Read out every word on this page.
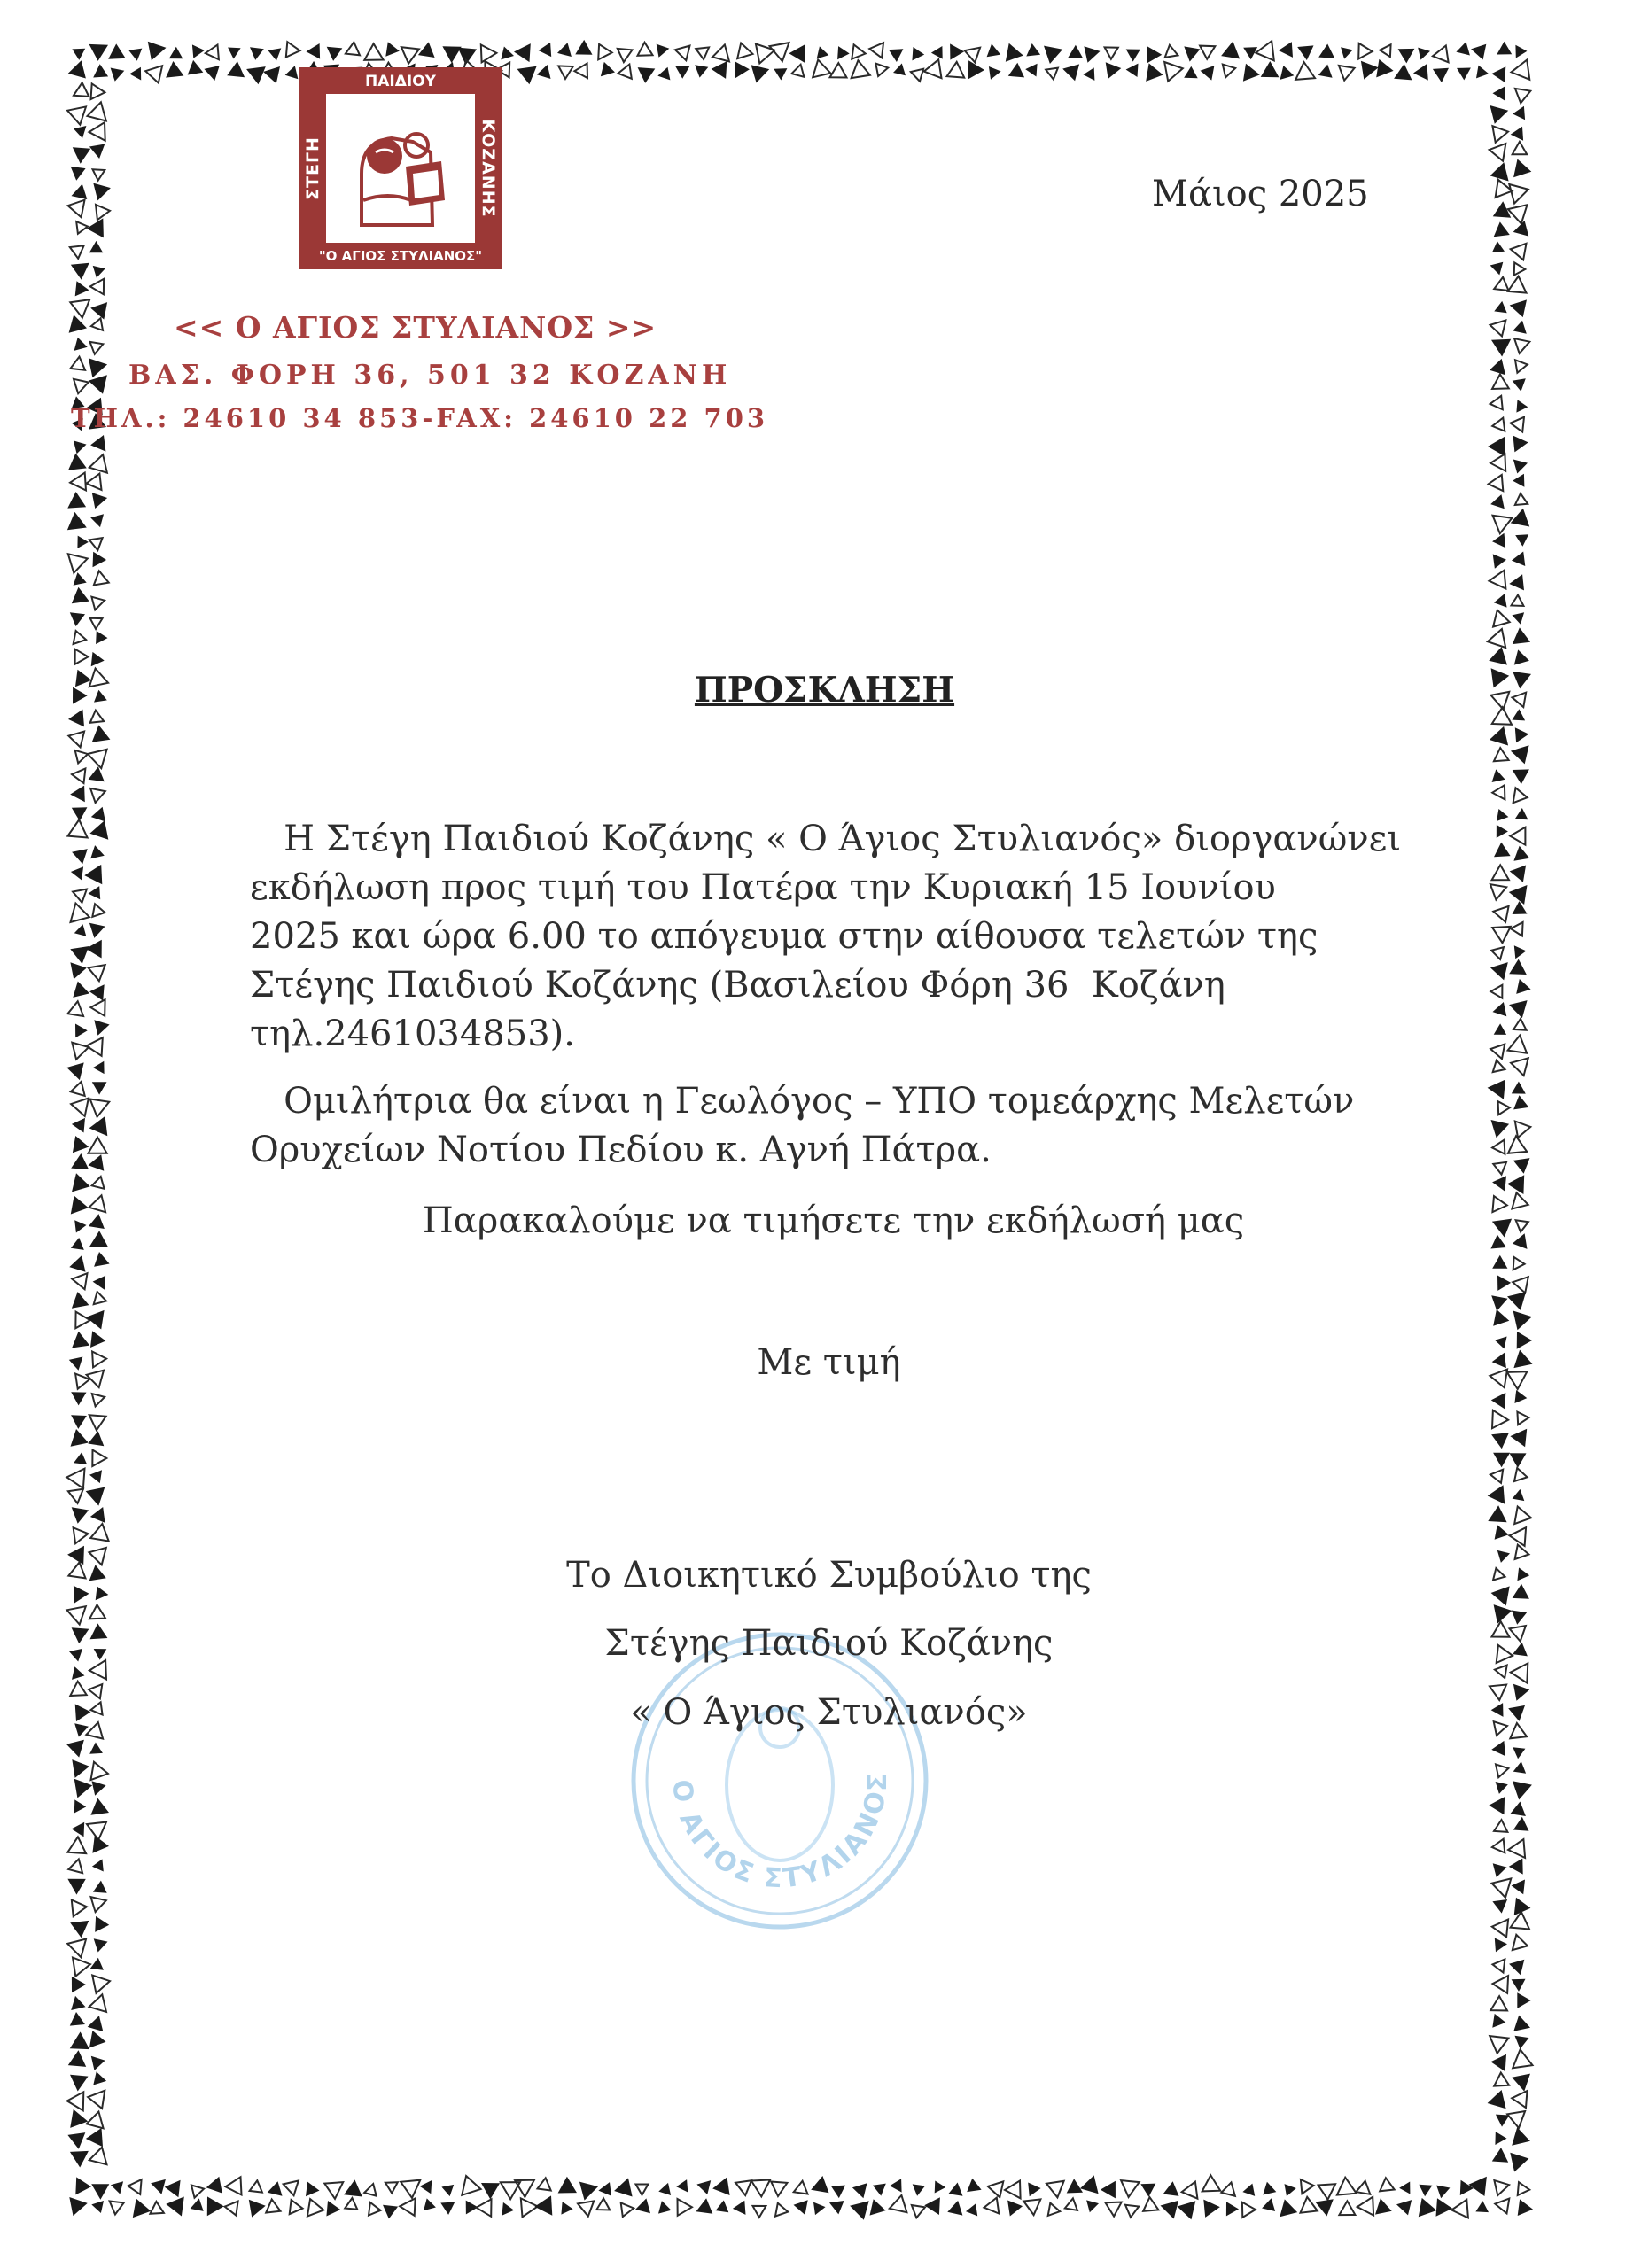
ΠΑΙΔΙΟΥ
ΣΤΕΓΗ	ΚΟΖΑΝΗΣ
"Ο ΑΓΙΟΣ ΣΤΥΛΙΑΝΟΣ"
<< Ο ΑΓΙΟΣ ΣΤΥΛΙΑΝΟΣ >>
ΒΑΣ. ΦΟΡΗ 36, 501 32 ΚΟΖΑΝΗ
ΤΗΛ.: 24610 34 853-FAX: 24610 22 703
Μάιος 2025
ΠΡΟΣΚΛΗΣΗ
Η Στέγη Παιδιού Κοζάνης « Ο Άγιος Στυλιανός» διοργανώνει
εκδήλωση προς τιμή του Πατέρα την Κυριακή 15 Ιουνίου
2025 και ώρα 6.00 το απόγευμα στην αίθουσα τελετών της
Στέγης Παιδιού Κοζάνης (Βασιλείου Φόρη 36  Κοζάνη
τηλ.2461034853).
Ομιλήτρια θα είναι η Γεωλόγος – ΥΠΟ τομεάρχης Μελετών
Ορυχείων Νοτίου Πεδίου κ. Αγνή Πάτρα.
Παρακαλούμε να τιμήσετε την εκδήλωσή μας
Με τιμή
Ο ΑΓΙΟΣ ΣΤΥΛΙΑΝΟΣ
Το Διοικητικό Συμβούλιο της
Στέγης Παιδιού Κοζάνης
« Ο Άγιος Στυλιανός»
